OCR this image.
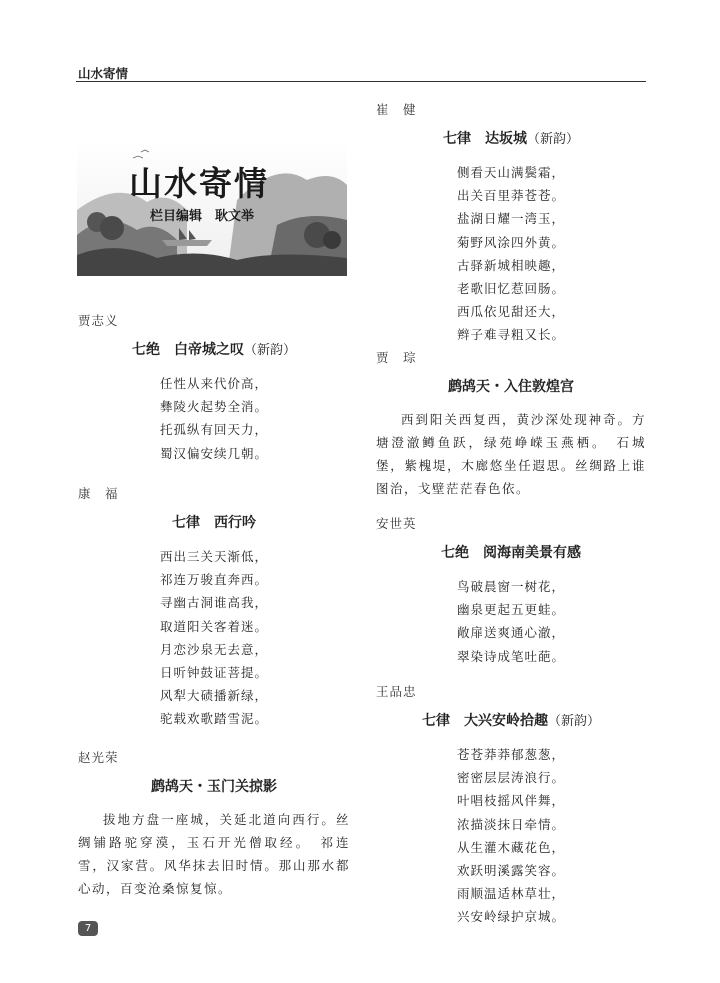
山水寄情
山水寄情
栏目编辑　 耿文举
贾志义
七绝　白帝城之叹（新韵）
任性从来代价高，
彝陵火起势全消。
托孤纵有回天力，
蜀汉偏安续几朝。
康　福
七律　西行吟
西出三关天渐低，
祁连万骏直奔西。
寻幽古洞谁高我，
取道阳关客着迷。
月恋沙泉无去意，
日听钟鼓证菩提。
风犁大碛播新绿，
驼载欢歌踏雪泥。
赵光荣
鹧鸪天・玉门关掠影
拔地方盘一座城，关延北道向西行。丝绸铺路驼穿漠，玉石开光僧取经。　祁连雪，汉家营。风华抹去旧时情。那山那水都心动，百变沧桑惊复惊。
崔　健
七律　达坂城（新韵）
侧看天山满鬓霜，
出关百里莽苍苍。
盐湖日耀一湾玉，
菊野风涂四外黄。
古驿新城相映趣，
老歌旧忆惹回肠。
西瓜依见甜还大，
辫子难寻粗又长。
贾　琮
鹧鸪天・入住敦煌宫
西到阳关西复西，黄沙深处现神奇。方塘澄澈鳟鱼跃，绿苑峥嵘玉燕栖。　石城堡，紫槐堤，木廊悠坐任遐思。丝绸路上谁图治，戈壁茫茫春色依。
安世英
七绝　阅海南美景有感
鸟破晨窗一树花，
幽泉更起五更蛙。
敞扉送爽通心澈，
翠染诗成笔吐葩。
王品忠
七律　大兴安岭拾趣（新韵）
苍苍莽莽郁葱葱，
密密层层涛浪行。
叶唱枝摇风伴舞，
浓描淡抹日牵情。
从生灌木藏花色，
欢跃明溪露笑容。
雨顺温适林草壮，
兴安岭绿护京城。
7
